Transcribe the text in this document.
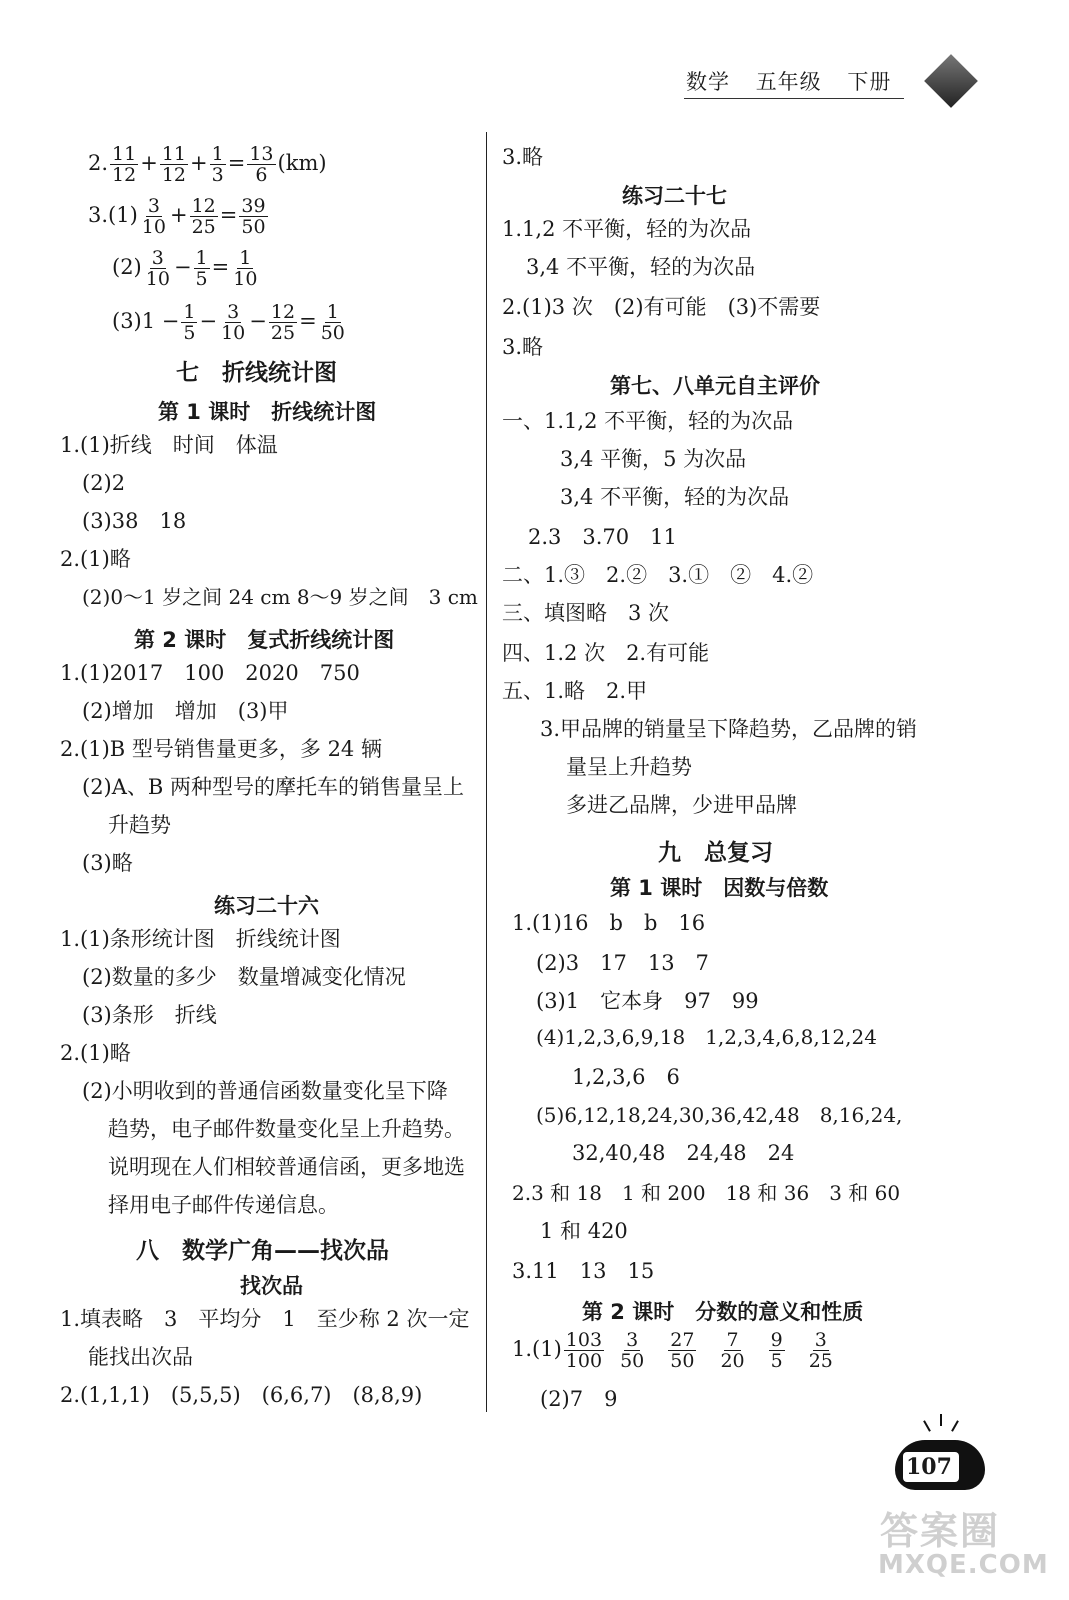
数学 五年级 下册
2. $\frac{11}{12} + \frac{11}{12} + \frac{1}{3} = \frac{13}{6} (km)$
$3.(1) \frac{3}{10} + \frac{12}{25} = \frac{39}{50}$
$(2) \frac{3}{10} - \frac{1}{5} = \frac{1}{10}$
$(3)1 - \frac{1}{5} - \frac{3}{10} - \frac{12}{25} = \frac{1}{50}$
七　折线统计图
第 1 课时　折线统计图
1.(1)折线　时间　体温
(2)2
(3)38　18
2.(1)略
(2)0～1 岁之间 24 cm 8～9 岁之间　3 cm
第 2 课时　复式折线统计图
1.(1)2017　100　2020　750
(2)增加　增加　(3)甲
2.(1)B 型号销售量更多，多 24 辆
(2)A、B 两种型号的摩托车的销售量呈上
升趋势
(3)略
练习二十六
1.(1)条形统计图　折线统计图
(2)数量的多少　数量增减变化情况
(3)条形　折线
2.(1)略
(2)小明收到的普通信函数量变化呈下降
趋势，电子邮件数量变化呈上升趋势。
说明现在人们相较普通信函，更多地选
择用电子邮件传递信息。
八　数学广角——找次品
找次品
1.填表略　3　平均分　1　至少称 2 次一定
能找出次品
2.(1,1,1)　(5,5,5)　(6,6,7)　(8,8,9)
3.略
练习二十七
1.1,2 不平衡，轻的为次品
3,4 不平衡，轻的为次品
2.(1)3 次　(2)有可能　(3)不需要
3.略
第七、八单元自主评价
一、1.1,2 不平衡，轻的为次品
3,4 平衡，5 为次品
3,4 不平衡，轻的为次品
2.3　3.70　11
二、1.③　2.②　3.①　②　4.②
三、填图略　3 次
四、1.2 次　2.有可能
五、1.略　2.甲
3.甲品牌的销量呈下降趋势，乙品牌的销
量呈上升趋势
多进乙品牌，少进甲品牌
九　总复习
第 1 课时　因数与倍数
1.(1)16　b　b　16
(2)3　17　13　7
(3)1　它本身　97　99
(4)1,2,3,6,9,18　1,2,3,4,6,8,12,24
1,2,3,6　6
(5)6,12,18,24,30,36,42,48　8,16,24,
32,40,48　24,48　24
2.3 和 18　1 和 200　18 和 36　3 和 60
1 和 420
3.11　13　15
第 2 课时　分数的意义和性质
$1.(1) \frac{103}{100} \frac{3}{50} \frac{27}{50} \frac{7}{20} \frac{9}{5} \frac{3}{25}$
(2)7　9
107
答案圈
MXQE.COM
